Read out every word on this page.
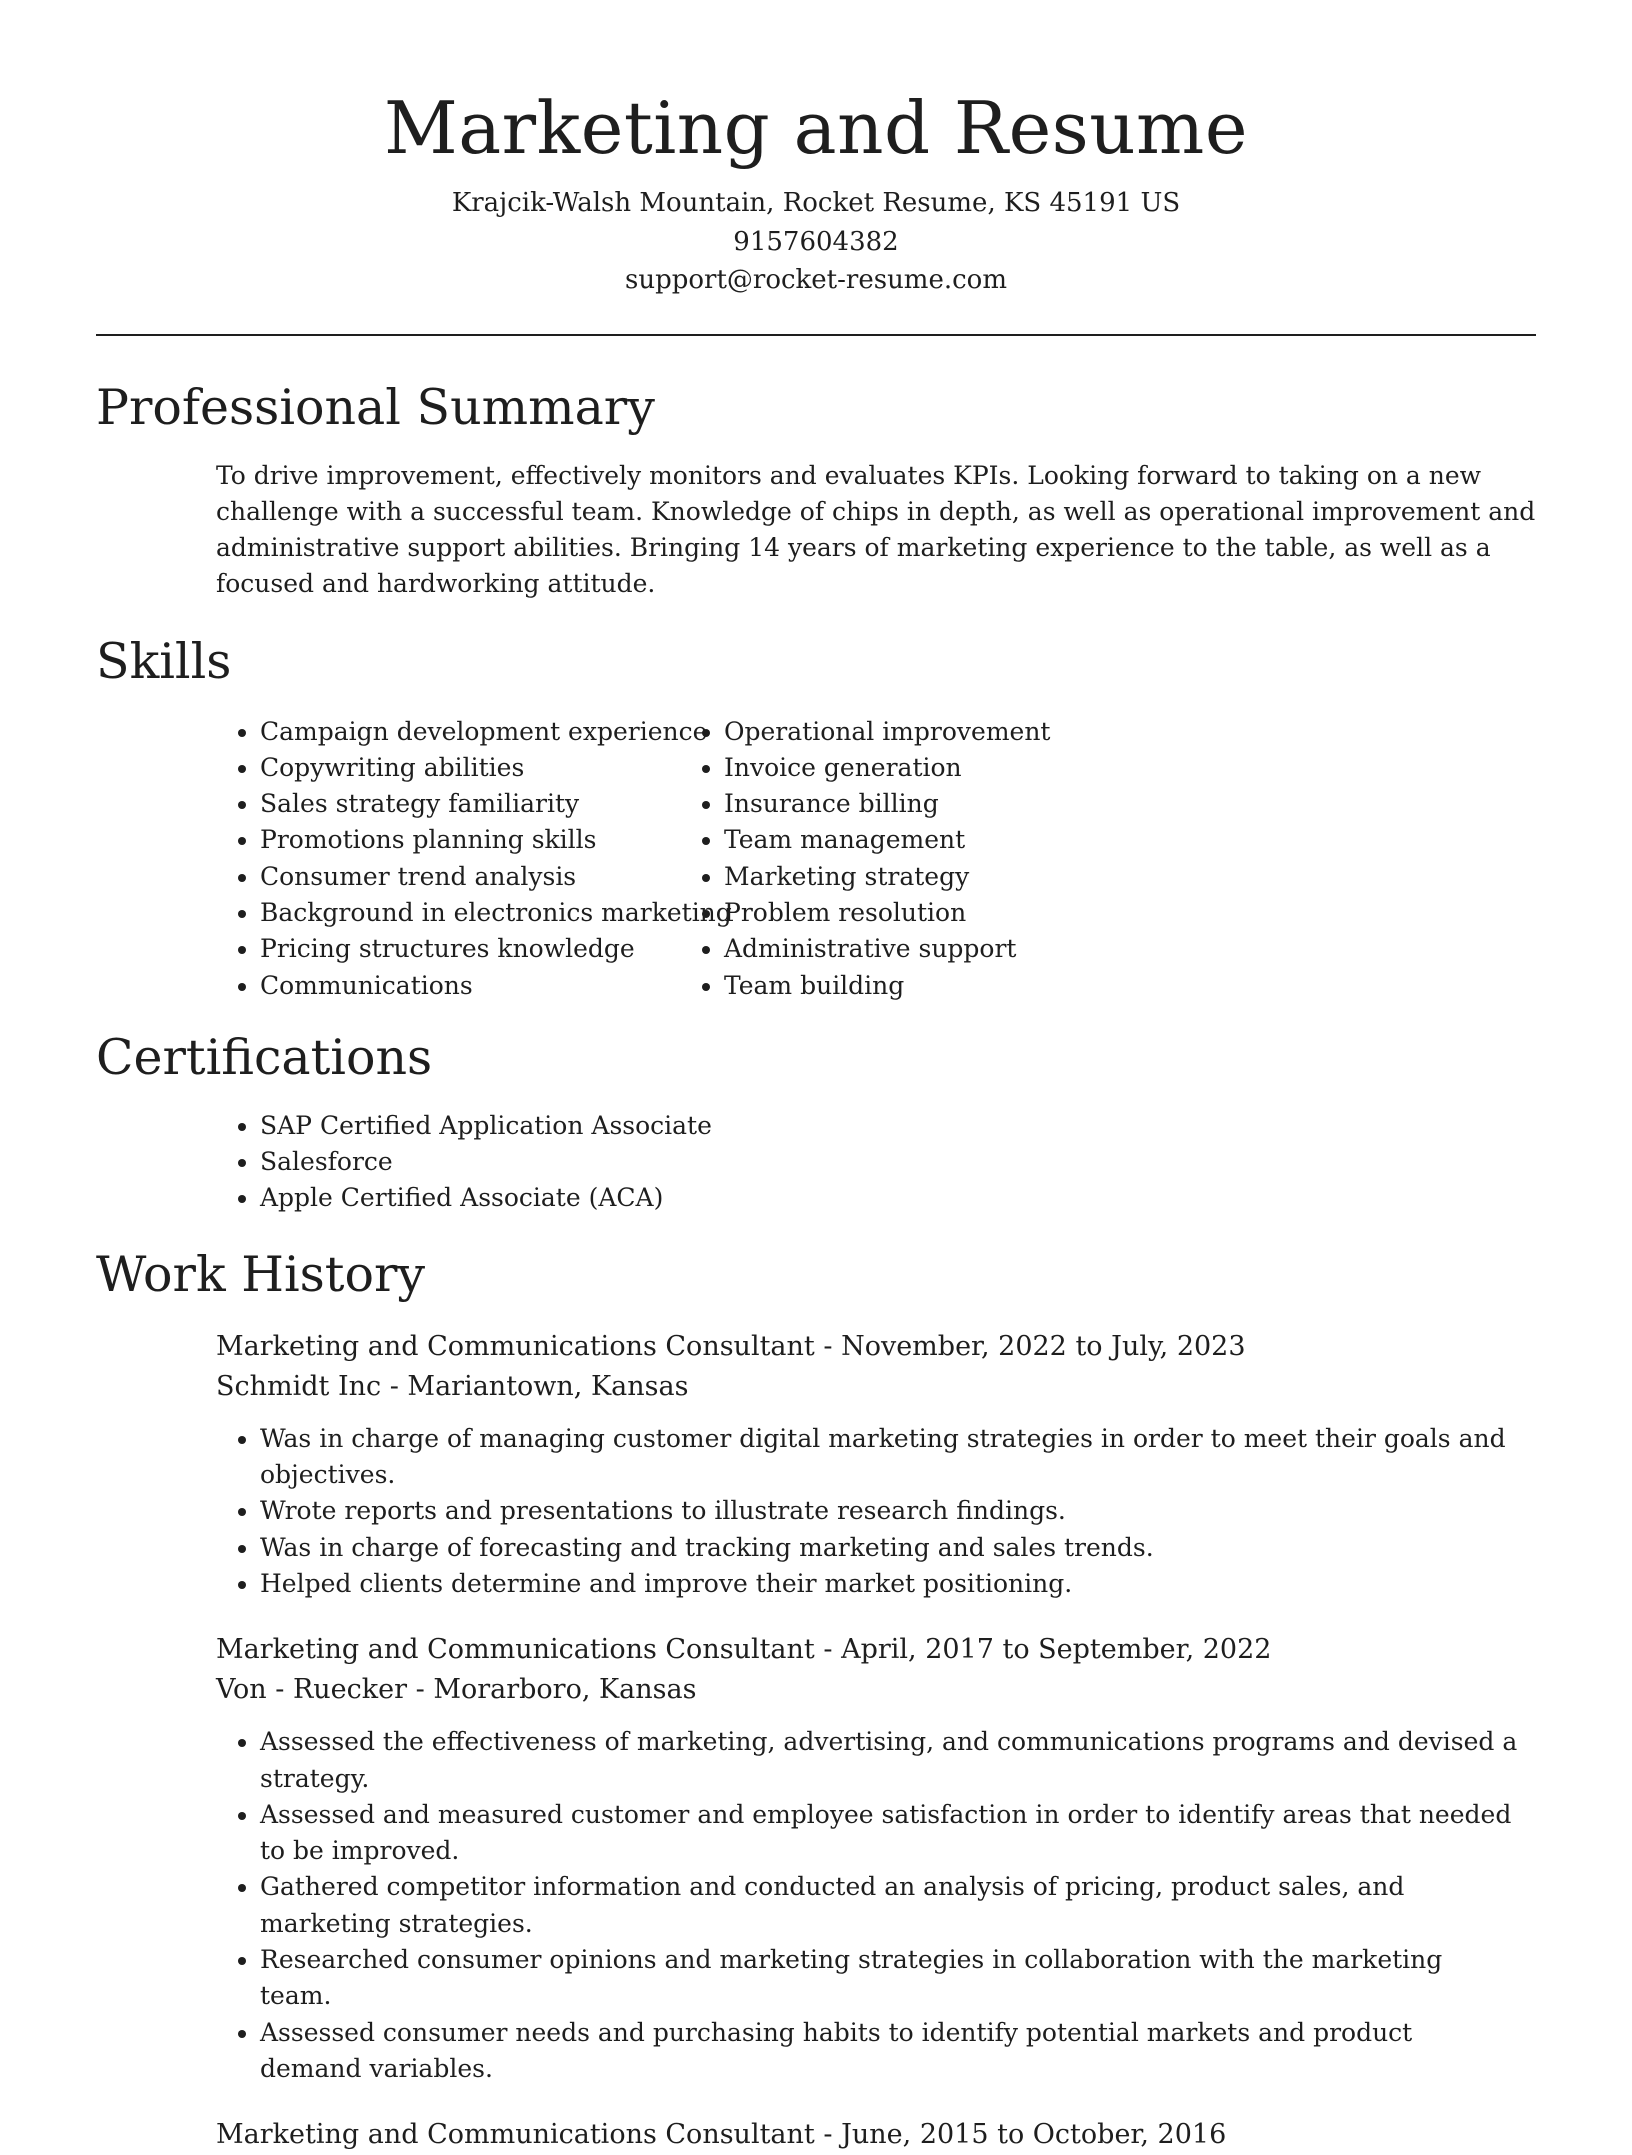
Marketing and Resume
Krajcik-Walsh Mountain, Rocket Resume, KS 45191 US
9157604382
support@rocket-resume.com
Professional Summary

To drive improvement, effectively monitors and evaluates KPIs. Looking forward to taking on a new challenge with a successful team. Knowledge of chips in depth, as well as operational improvement and administrative support abilities. Bringing 14 years of marketing experience to the table, as well as a focused and hardworking attitude.

Skills
• Campaign development experience
• Copywriting abilities
• Sales strategy familiarity
• Promotions planning skills
• Consumer trend analysis
• Background in electronics marketing
• Pricing structures knowledge
• Communications
• Operational improvement
• Invoice generation
• Insurance billing
• Team management
• Marketing strategy
• Problem resolution
• Administrative support
• Team building
Certifications
• SAP Certified Application Associate
• Salesforce
• Apple Certified Associate (ACA)
Work History
Marketing and Communications Consultant - November, 2022 to July, 2023
Schmidt Inc - Mariantown, Kansas
• Was in charge of managing customer digital marketing strategies in order to meet their goals and objectives.
• Wrote reports and presentations to illustrate research findings.
• Was in charge of forecasting and tracking marketing and sales trends.
• Helped clients determine and improve their market positioning.
Marketing and Communications Consultant - April, 2017 to September, 2022
Von - Ruecker - Morarboro, Kansas
• Assessed the effectiveness of marketing, advertising, and communications programs and devised a strategy.
• Assessed and measured customer and employee satisfaction in order to identify areas that needed to be improved.
• Gathered competitor information and conducted an analysis of pricing, product sales, and marketing strategies.
• Researched consumer opinions and marketing strategies in collaboration with the marketing team.
• Assessed consumer needs and purchasing habits to identify potential markets and product demand variables.
Marketing and Communications Consultant - June, 2015 to October, 2016
